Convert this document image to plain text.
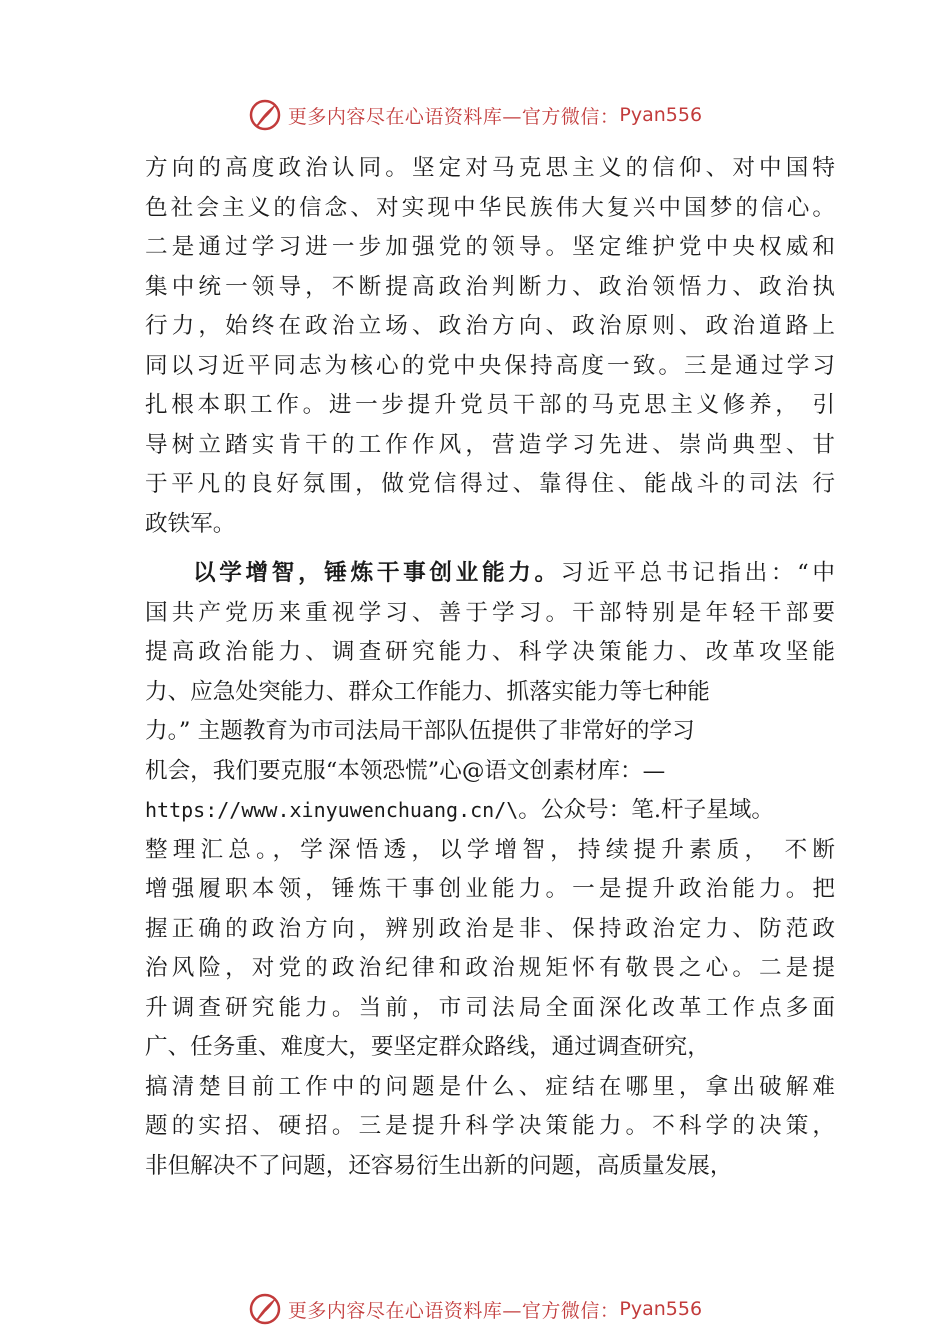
更多内容尽在心语资料库—官方微信： Pyan556
方向的高度政治认同。坚定对马克思主义的信仰、对中国特
色社会主义的信念、对实现中华民族伟大复兴中国梦的信心。
二是通过学习进一步加强党的领导。坚定维护党中央权威和
集中统一领导，不断提高政治判断力、政治领悟力、政治执
行力，始终在政治立场、政治方向、政治原则、政治道路上
同以习近平同志为核心的党中央保持高度一致。三是通过学习
扎根本职工作。进一步提升党员干部的马克思主义修养， 引
导树立踏实肯干的工作作风，营造学习先进、崇尚典型、甘
于平凡的良好氛围，做党信得过、靠得住、能战斗的司法 行
政铁军。
以学增智，锤炼干事创业能力。习近平总书记指出：“中
国共产党历来重视学习、善于学习。干部特别是年轻干部要
提高政治能力、调查研究能力、科学决策能力、改革攻坚能
力、应急处突能力、群众工作能力、抓落实能力等七种能
力。” 主题教育为市司法局干部队伍提供了非常好的学习
机会，我们要克服“本领恐慌”心@语文创素材库：—
https://www.xinyuwenchuang.cn/\。公众号：笔.杆子星域。
整理汇总。，学深悟透，以学增智，持续提升素质， 不断
增强履职本领，锤炼干事创业能力。一是提升政治能力。把
握正确的政治方向，辨别政治是非、保持政治定力、防范政
治风险，对党的政治纪律和政治规矩怀有敬畏之心。二是提
升调查研究能力。当前，市司法局全面深化改革工作点多面
广、任务重、难度大，要坚定群众路线，通过调查研究，
搞清楚目前工作中的问题是什么、症结在哪里，拿出破解难
题的实招、硬招。三是提升科学决策能力。不科学的决策，
非但解决不了问题，还容易衍生出新的问题，高质量发展，
更多内容尽在心语资料库—官方微信： Pyan556
